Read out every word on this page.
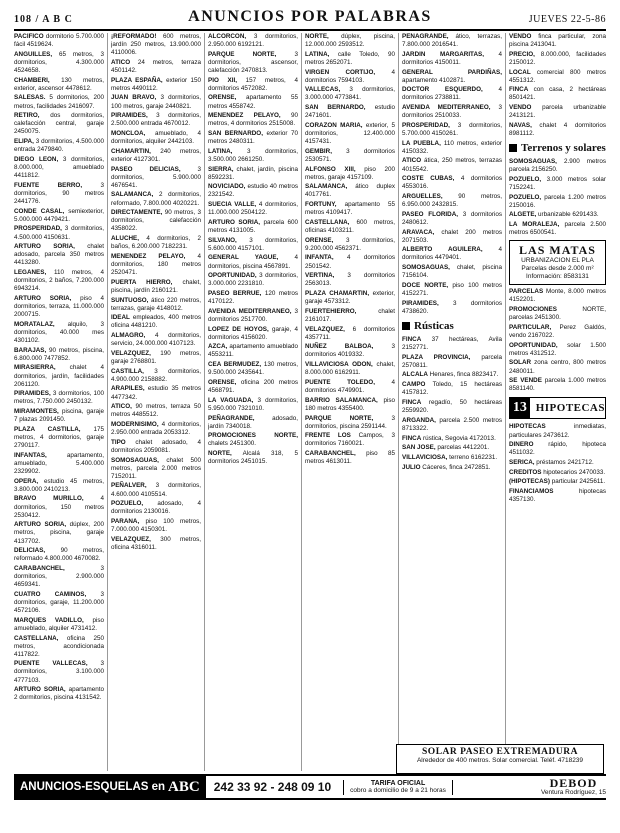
108 / A B C	ANUNCIOS POR PALABRAS	JUEVES 22-5-86

PACIFICO dormitorio 5.700.000 fácil 4519624.

ANGUILLES, 65 metros, 3 dormitorios, 4.300.000 4524658.

CHAMBERI, 130 metros, exterior, ascensor 4478612.

SALESAS. 5 dormitorios, 200 metros, facilidades 2416097.

RETIRO, dos dormitorios, calefacción central, garaje 2450075.

ELIPA, 3 dormitorios, 4.500.000 entrada 2479840.

DIEGO LEON, 3 dormitorios, 8.000.000, amueblado 4411812.

FUENTE BERRO,	3 dormitorios, 90 metros 2441776.

CONDE CASAL, semiexterior, 5.000.000 4479421.

PROSPERIDAD, 3 dormitorios, 4.500.000 4150631.

ARTURO SORIA, chalet adosado, parcela 350 metros 4413280.

LEGANES, 110 metros, 4 dormitorios, 2 baños, 7.200.000 6943214.

ARTURO SORIA, piso 4 dormitorios, terraza, 11.000.000 2000715.

MORATALAZ, alquilo, 3 dormitorios, 40.000 mes 4301102.

BARAJAS, 90 metros, piscina, 6.800.000 7477852.

MIRASIERRA, chalet 4 dormitorios, jardín, facilidades 2061120.

PIRAMIDES, 3 dormitorios, 100 metros, 7.750.000 2450132.

MIRAMONTES, piscina, garaje 7 plazas 2091450.

PLAZA CASTILLA, 175 metros, 4 dormitorios, garaje 2790117.

INFANTAS,	apartamento, amueblado, 5.400.000 2329902.

OPERA, estudio 45 metros, 3.800.000 2410213.

BRAVO MURILLO,	4 dormitorios, 150 metros 2530412.

ARTURO SORIA, dúplex, 200 metros, piscina, garaje 4137702.

DELICIAS, 90 metros, reformado 4.800.000 4670082.

CARABANCHEL,	3 dormitorios, 2.900.000 4659341.

CUATRO CAMINOS, 3 dormitorios, garaje, 11.200.000 4572106.

MARQUES VADILLO, piso amueblado, alquiler 4731412.

CASTELLANA, oficina 250 metros, acondicionada 4117822.

PUENTE VALLECAS, 3 dormitorios, 3.100.000 4777103.

ARTURO SORIA, apartamento 2 dormitorios, piscina 4131542.

¡REFORMADO! 600 metros, jardín 250 metros, 13.900.000 4110006.

ATICO 24 metros, terraza 4501142.

PLAZA ESPAÑA, exterior 150 metros 4490112.

JUAN BRAVO, 3 dormitorios, 100 metros, garaje 2440821.

PIRAMIDES, 3 dormitorios, 2.500.000 entrada 4670012.

MONCLOA, amueblado, 4 dormitorios, alquiler 2442103.

CHAMARTIN, 240 metros, exterior 4127301.

PASEO DELICIAS,	3 dormitorios, 5.900.000 4676541.

SALAMANCA, 2 dormitorios, reformado, 7.800.000 4020221.

DIRECTAMENTE, 90 metros, 3 dormitorios, calefacción 4358022.

ALUCHE, 4 dormitorios, 2 baños, 6.200.000 7182231.

MENENDEZ PELAYO, 4 dormitorios, 180 metros 2520471.

PUERTA HIERRO, chalet, piscina, jardín 2160121.

SUNTUOSO, ático 220 metros, terrazas, garaje 4148012.

IDEAL empleados, 400 metros oficina 4481210.

ALMAGRO, 4 dormitorios, servicio, 24.000.000 4107123.

VELAZQUEZ, 190 metros, garaje 2768801.

CASTILLA, 3 dormitorios, 4.900.000 2158882.

ARAPILES, estudio 35 metros 4477342.

ATICO, 90 metros, terraza 50 metros 4485512.

MODERNISIMO, 4 dormitorios, 2.950.000 entrada 2053312.

TIPO chalet adosado, 4 dormitorios 2059081.

SOMOSAGUAS, chalet 500 metros, parcela 2.000 metros 7152011.

PEÑALVER, 3 dormitorios, 4.600.000 4105514.

POZUELO, adosado, 4 dormitorios 2130016.

PARANA, piso 100 metros, 7.000.000 4150301.

VELAZQUEZ, 300 metros, oficina 4316011.

ALCORCON, 3 dormitorios, 2.950.000 6192121.

PARQUE NORTE,	3 dormitorios, ascensor, calefacción 2470813.

PIO XII, 157 metros, 4 dormitorios 4572082.

ORENSE, apartamento 55 metros 4558742.

MENENDEZ PELAYO, 90 metros, 4 dormitorios 2515008.

SAN BERNARDO, exterior 70 metros 2480311.

LATINA, 3 dormitorios, 3.500.000 2661250.

SIERRA, chalet, jardín, piscina 8592231.

NOVICIADO, estudio 40 metros 2321542.

SUECIA VALLE, 4 dormitorios, 11.000.000 2504122.

ARTURO SORIA, parcela 600 metros 4131005.

SILVANO, 3 dormitorios, 5.600.000 4157101.

GENERAL YAGUE,	4 dormitorios, piscina 4567891.

OPORTUNIDAD, 3 dormitorios, 3.000.000 2231810.

PASEO BERRUE, 120 metros 4170122.

AVENIDA MEDITERRANEO, 3 dormitorios 2517700.

LOPEZ DE HOYOS, garaje, 4 dormitorios 4156020.

AZCA, apartamento amueblado 4553211.

CEA BERMUDEZ, 130 metros, 9.500.000 2435641.

ORENSE, oficina 200 metros 4568791.

LA VAGUADA, 3 dormitorios, 5.950.000 7321010.

PEÑAGRANDE,	adosado, jardín 7340018.

PROMOCIONES NORTE, chalets 2451300.

NORTE, Alcalá 318, 5 dormitorios 2451015.

NORTE, dúplex, piscina, 12.000.000 2593512.

LATINA, calle Toledo, 90 metros 2652071.

VIRGEN CORTIJO,	4 dormitorios 7594103.

VALLECAS, 3 dormitorios, 3.000.000 4773841.

SAN BERNARDO, estudio 2471601.

CORAZON MARIA, exterior, 5 dormitorios, 12.400.000 4157431.

GEMBIR, 3 dormitorios 2530571.

ALFONSO XIII, piso 200 metros, garaje 4157109.

SALAMANCA, ático duplex 4017761.

FORTUNY, apartamento 55 metros 4109417.

CASTELLANA, 600 metros, oficinas 4103211.

ORENSE, 3 dormitorios, 9.200.000 4562371.

INFANTA, 4 dormitorios 2501542.

VERTINA, 3 dormitorios 2563013.

PLAZA CHAMARTIN, exterior, garaje 4573312.

FUERTEHIERRO,	chalet 2161017.

VELAZQUEZ, 6 dormitorios 4357711.

NUÑEZ BALBOA,	3 dormitorios 4019332.

VILLAVICIOSA ODON, chalet, 8.000.000 6162911.

PUENTE TOLEDO,	4 dormitorios 4749901.

BARRIO SALAMANCA, piso 180 metros 4355400.

PARQUE NORTE,	3 dormitorios, piscina 2591144.

FRENTE LOS Campos, 3 dormitorios 7160021.

CARABANCHEL, piso 85 metros 4613011.

PEÑAGRANDE, ático, terrazas, 7.800.000 2016541.

JARDIN MARGARITAS, 4 dormitorios 4150011.

GENERAL PARDIÑAS, apartamento 4102871.

DOCTOR ESQUERDO,	4 dormitorios 2738811.

AVENIDA MEDITERRANEO, 3 dormitorios 2510033.

PROSPERIDAD, 3 dormitorios, 5.700.000 4150261.

LA PUEBLA, 110 metros, exterior 4150332.

ATICO ática, 250 metros, terrazas 4015542.

COSTE CUBAS, 4 dormitorios 4553016.

ARGUELLES, 90 metros, 6.950.000 2432815.

PASEO FLORIDA, 3 dormitorios 2480612.

ARAVACA, chalet 200 metros 2071503.

ALBERTO AGUILERA,	4 dormitorios 4479401.

SOMOSAGUAS, chalet, piscina 7156104.

DOCE NORTE, piso 100 metros 4152271.

PIRAMIDES, 3 dormitorios 4738620.

Rústicas

FINCA 37 hectáreas, Avila 2152771.

PLAZA PROVINCIA, parcela 2570811.

ALCALA Henares, finca 8823417.

CAMPO Toledo, 15 hectáreas 4157812.

FINCA regadío, 50 hectáreas 2559920.

ARGANDA, parcela 2.500 metros 8713322.

FINCA rústica, Segovia 4172013.

SAN JOSE, parcelas 4412201.

VILLAVICIOSA, terreno 6162231.

JULIO Cáceres, finca 2472851.

VENDO finca particular, zona piscina 2413041.

PRECIO, 8.000.000, facilidades 2150012.

LOCAL comercial 800 metros 4551312.

FINCA con casa, 2 hectáreas 8501421.

VENDO parcela urbanizable 2413121.

NAVAS, chalet 4 dormitorios 8981112.

Terrenos y solares

SOMOSAGUAS, 2.900 metros parcela 2156250.

POZUELO, 3.000 metros solar 7152241.

POZUELO, parcela 1.200 metros 2150016.

ALGETE, urbanizable 6291433.

LA MORALEJA, parcela 2.500 metros 6500541.

LAS MATAS
URBANIZACION EL PLA
Parcelas desde 2.000 m²
Información: 8583131

PARCELAS Monte, 8.000 metros 4152201.

PROMOCIONES	NORTE, parcelas 2451300.

PARTICULAR, Perez Galdós, vendo 2167022.

OPORTUNIDAD, solar 1.500 metros 4312512.

SOLAR zona centro, 800 metros 2480011.

SE VENDE parcela 1.000 metros 8581140.

13 HIPOTECAS

HIPOTECAS	inmediatas, particulares 2473612.

DINERO rápido, hipoteca 4511032.

SERICA, préstamos 2421712.

CREDITOS hipotecarios 2470033.

(HIPOTECAS) particular 2425611.

FINANCIAMOS	hipotecas 4357130.

SOLAR PASEO EXTREMADURA
Alrededor de 400 metros. Solar comercial. Teléf. 4718239
ANUNCIOS-ESQUELAS en ABC 242 33 92 - 248 09 10	TARIFA OFICIAL
cobro a domicilio de 9 a 21 horas
DEBOD
Ventura Rodríguez, 15
